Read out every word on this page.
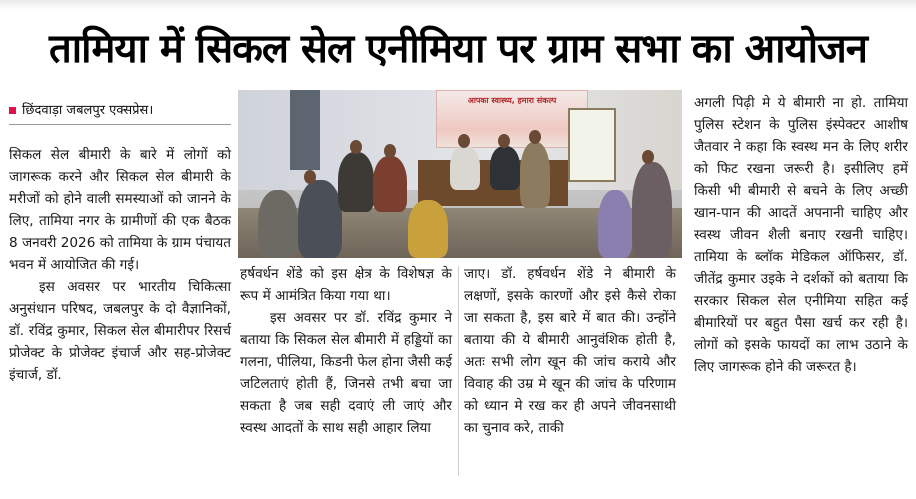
तामिया में सिकल सेल एनीमिया पर ग्राम सभा का आयोजन
छिंदवाड़ा जबलपुर एक्सप्रेस।

सिकल सेल बीमारी के बारे में लोगों को जागरूक करने और सिकल सेल बीमारी के मरीजों को होने वाली समस्याओं को जानने के लिए, तामिया नगर के ग्रामीणों की एक बैठक 8 जनवरी 2026 को तामिया के ग्राम पंचायत भवन में आयोजित की गई।

इस अवसर पर भारतीय चिकित्सा अनुसंधान परिषद, जबलपुर के दो वैज्ञानिकों, डॉ. रविंद्र कुमार, सिकल सेल बीमारीपर रिसर्च प्रोजेक्ट के प्रोजेक्ट इंचार्ज और सह-प्रोजेक्ट इंचार्ज, डॉ.

आपका स्वास्थ्य, हमारा संकल्प

हर्षवर्धन शेंडे को इस क्षेत्र के विशेषज्ञ के रूप में आमंत्रित किया गया था।

इस अवसर पर डॉ. रविंद्र कुमार ने बताया कि सिकल सेल बीमारी में हड्डियों का गलना, पीलिया, किडनी फेल होना जैसी कई जटिलताएं होती हैं, जिनसे तभी बचा जा सकता है जब सही दवाएं ली जाएं और स्वस्थ आदतों के साथ सही आहार लिया

जाए। डॉ. हर्षवर्धन शेंडे ने बीमारी के लक्षणों, इसके कारणों और इसे कैसे रोका जा सकता है, इस बारे में बात की। उन्होंने बताया की ये बीमारी आनुवंशिक होती है, अतः सभी लोग खून की जांच कराये और विवाह की उम्र मे खून की जांच के परिणाम को ध्यान मे रख कर ही अपने जीवनसाथी का चुनाव करे, ताकी

अगली पिढ़ी मे ये बीमारी ना हो. तामिया पुलिस स्टेशन के पुलिस इंस्पेक्टर आशीष जैतवार ने कहा कि स्वस्थ मन के लिए शरीर को फिट रखना जरूरी है। इसीलिए हमें किसी भी बीमारी से बचने के लिए अच्छी खान-पान की आदतें अपनानी चाहिए और स्वस्थ जीवन शैली बनाए रखनी चाहिए। तामिया के ब्लॉक मेडिकल ऑफिसर, डॉ. जीतेंद्र कुमार उइके ने दर्शकों को बताया कि सरकार सिकल सेल एनीमिया सहित कई बीमारियों पर बहुत पैसा खर्च कर रही है। लोगों को इसके फायदों का लाभ उठाने के लिए जागरूक होने की जरूरत है।
